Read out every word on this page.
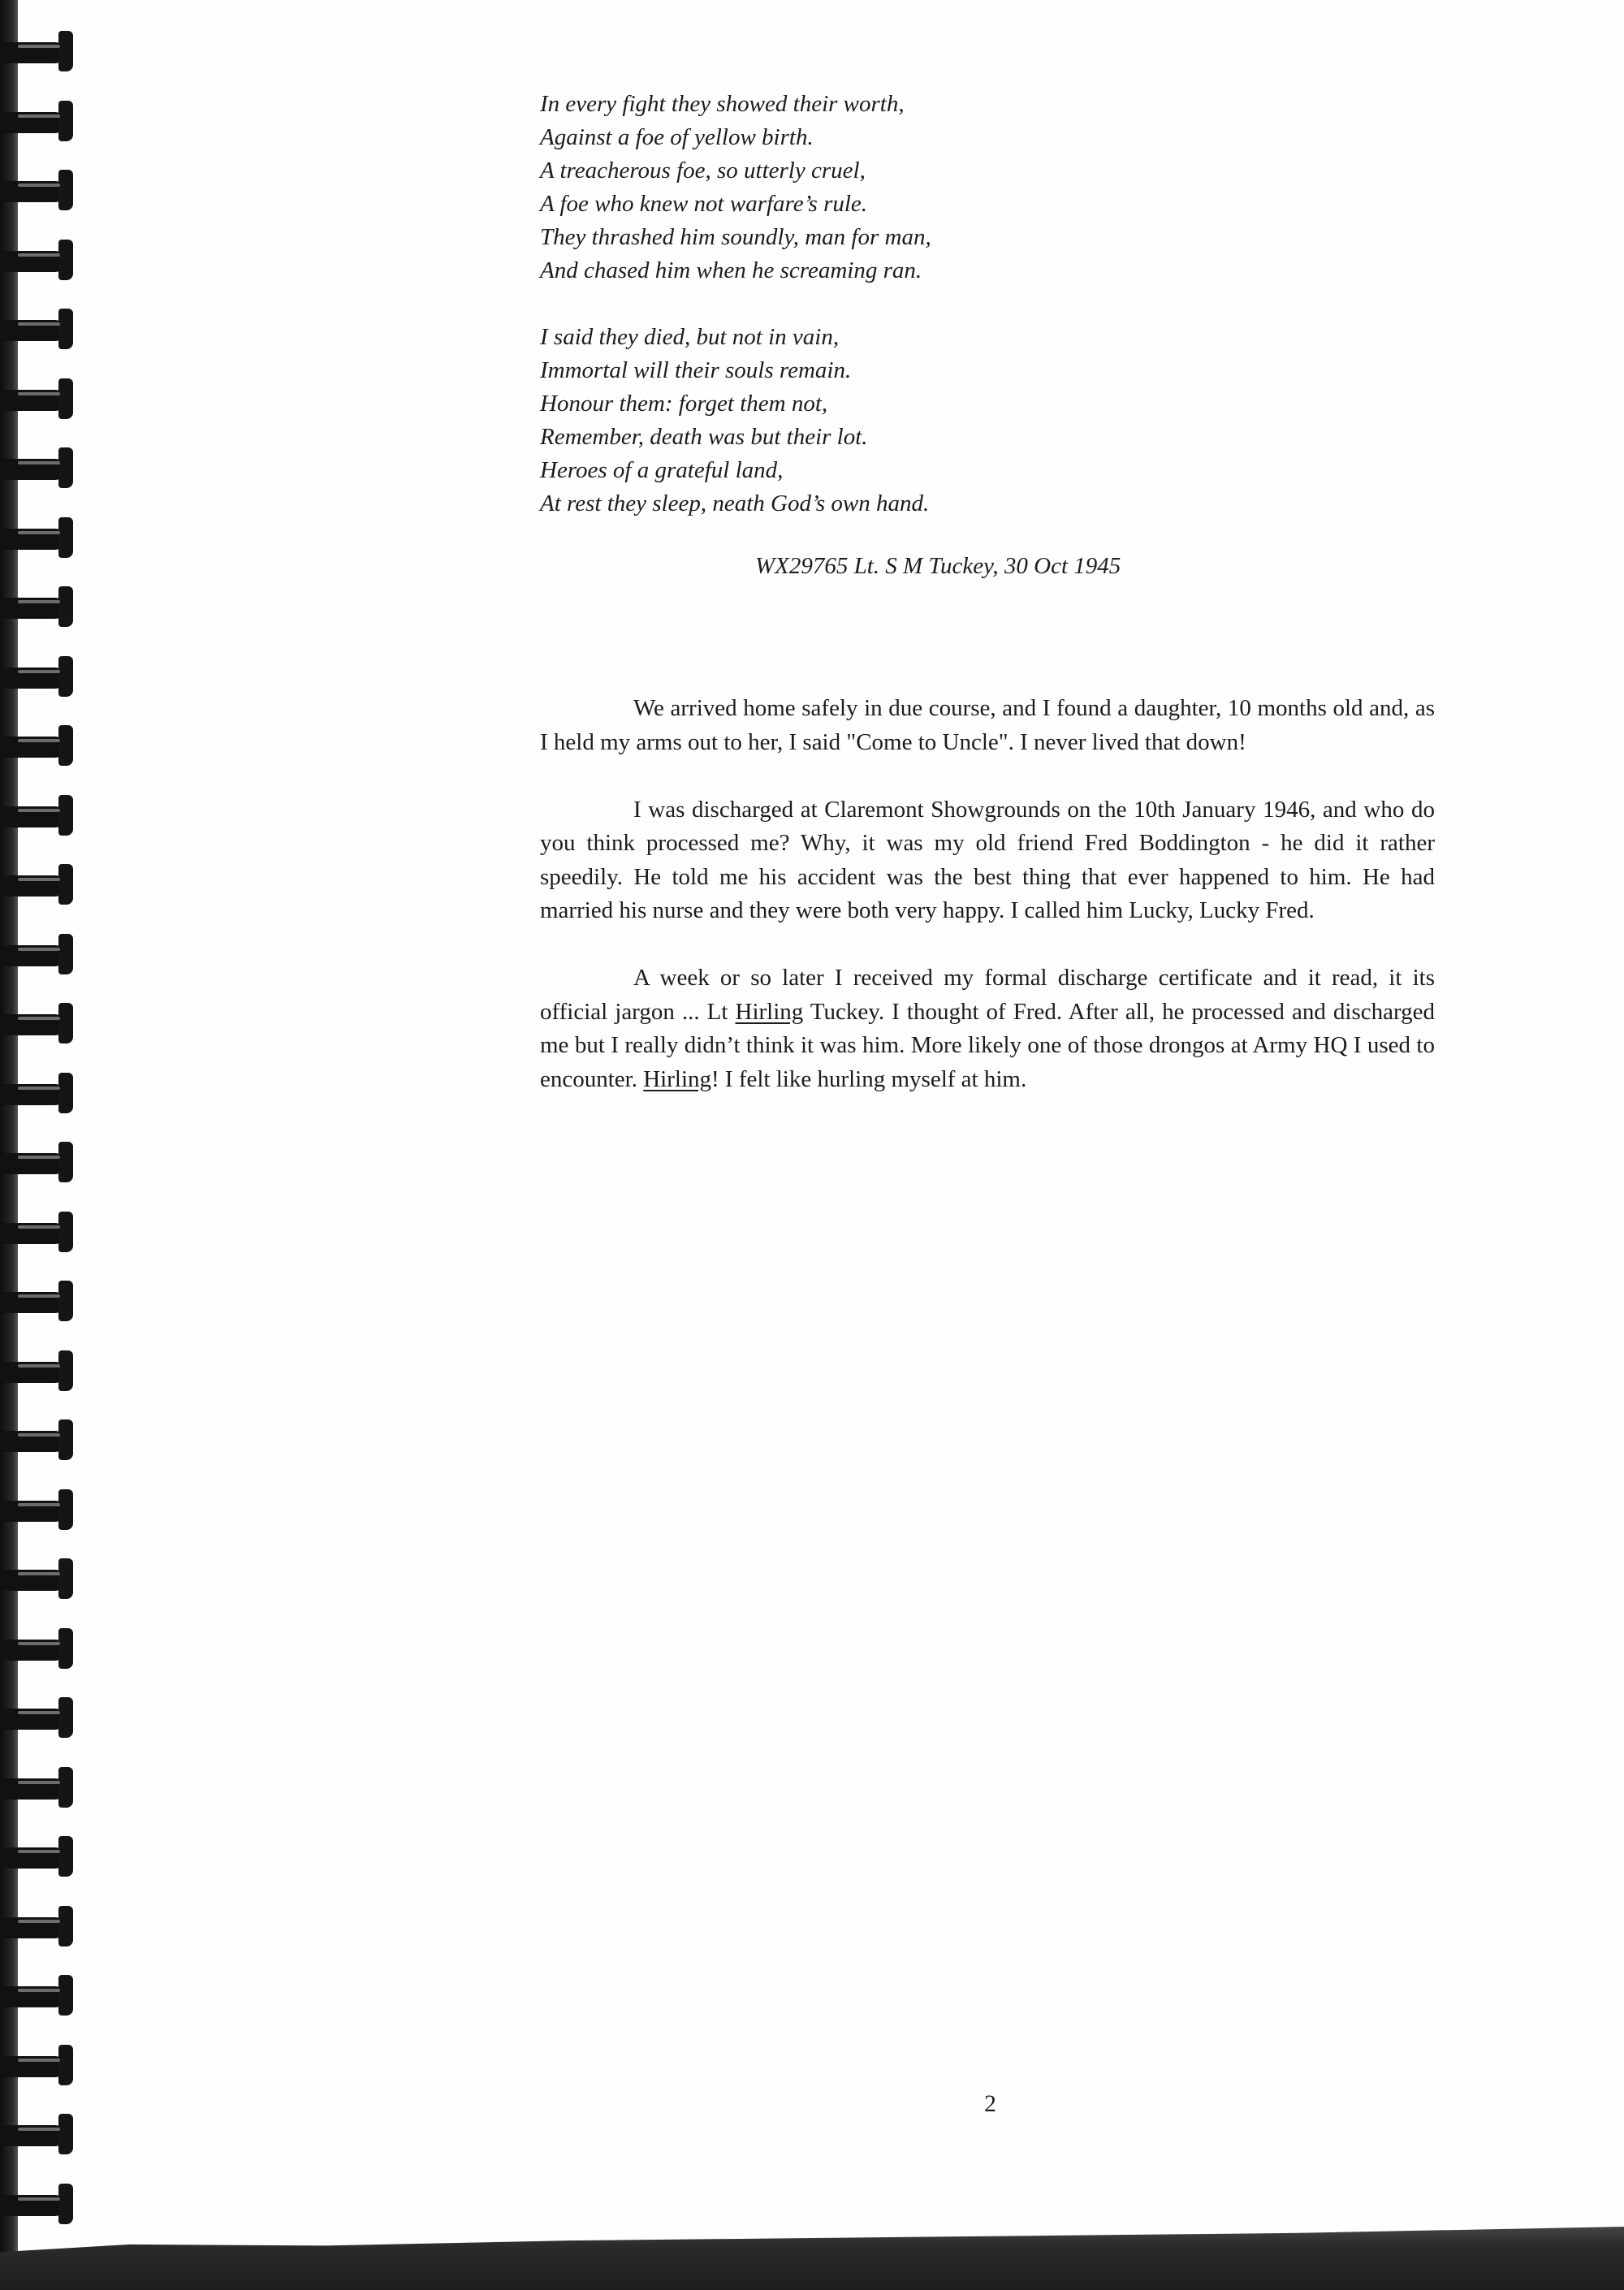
In every fight they showed their worth,
Against a foe of yellow birth.
A treacherous foe, so utterly cruel,
A foe who knew not warfare’s rule.
They thrashed him soundly, man for man,
And chased him when he screaming ran.
I said they died, but not in vain,
Immortal will their souls remain.
Honour them: forget them not,
Remember, death was but their lot.
Heroes of a grateful land,
At rest they sleep, neath God’s own hand.
WX29765 Lt. S M Tuckey, 30 Oct 1945

We arrived home safely in due course, and I found a daughter, 10 months old and, as I held my arms out to her, I said "Come to Uncle". I never lived that down!

I was discharged at Claremont Showgrounds on the 10th January 1946, and who do you think processed me? Why, it was my old friend Fred Boddington - he did it rather speedily. He told me his accident was the best thing that ever happened to him. He had married his nurse and they were both very happy. I called him Lucky, Lucky Fred.

A week or so later I received my formal discharge certificate and it read, it its official jargon ... Lt Hirling Tuckey. I thought of Fred. After all, he processed and discharged me but I really didn’t think it was him. More likely one of those drongos at Army HQ I used to encounter. Hirling! I felt like hurling myself at him.

2
